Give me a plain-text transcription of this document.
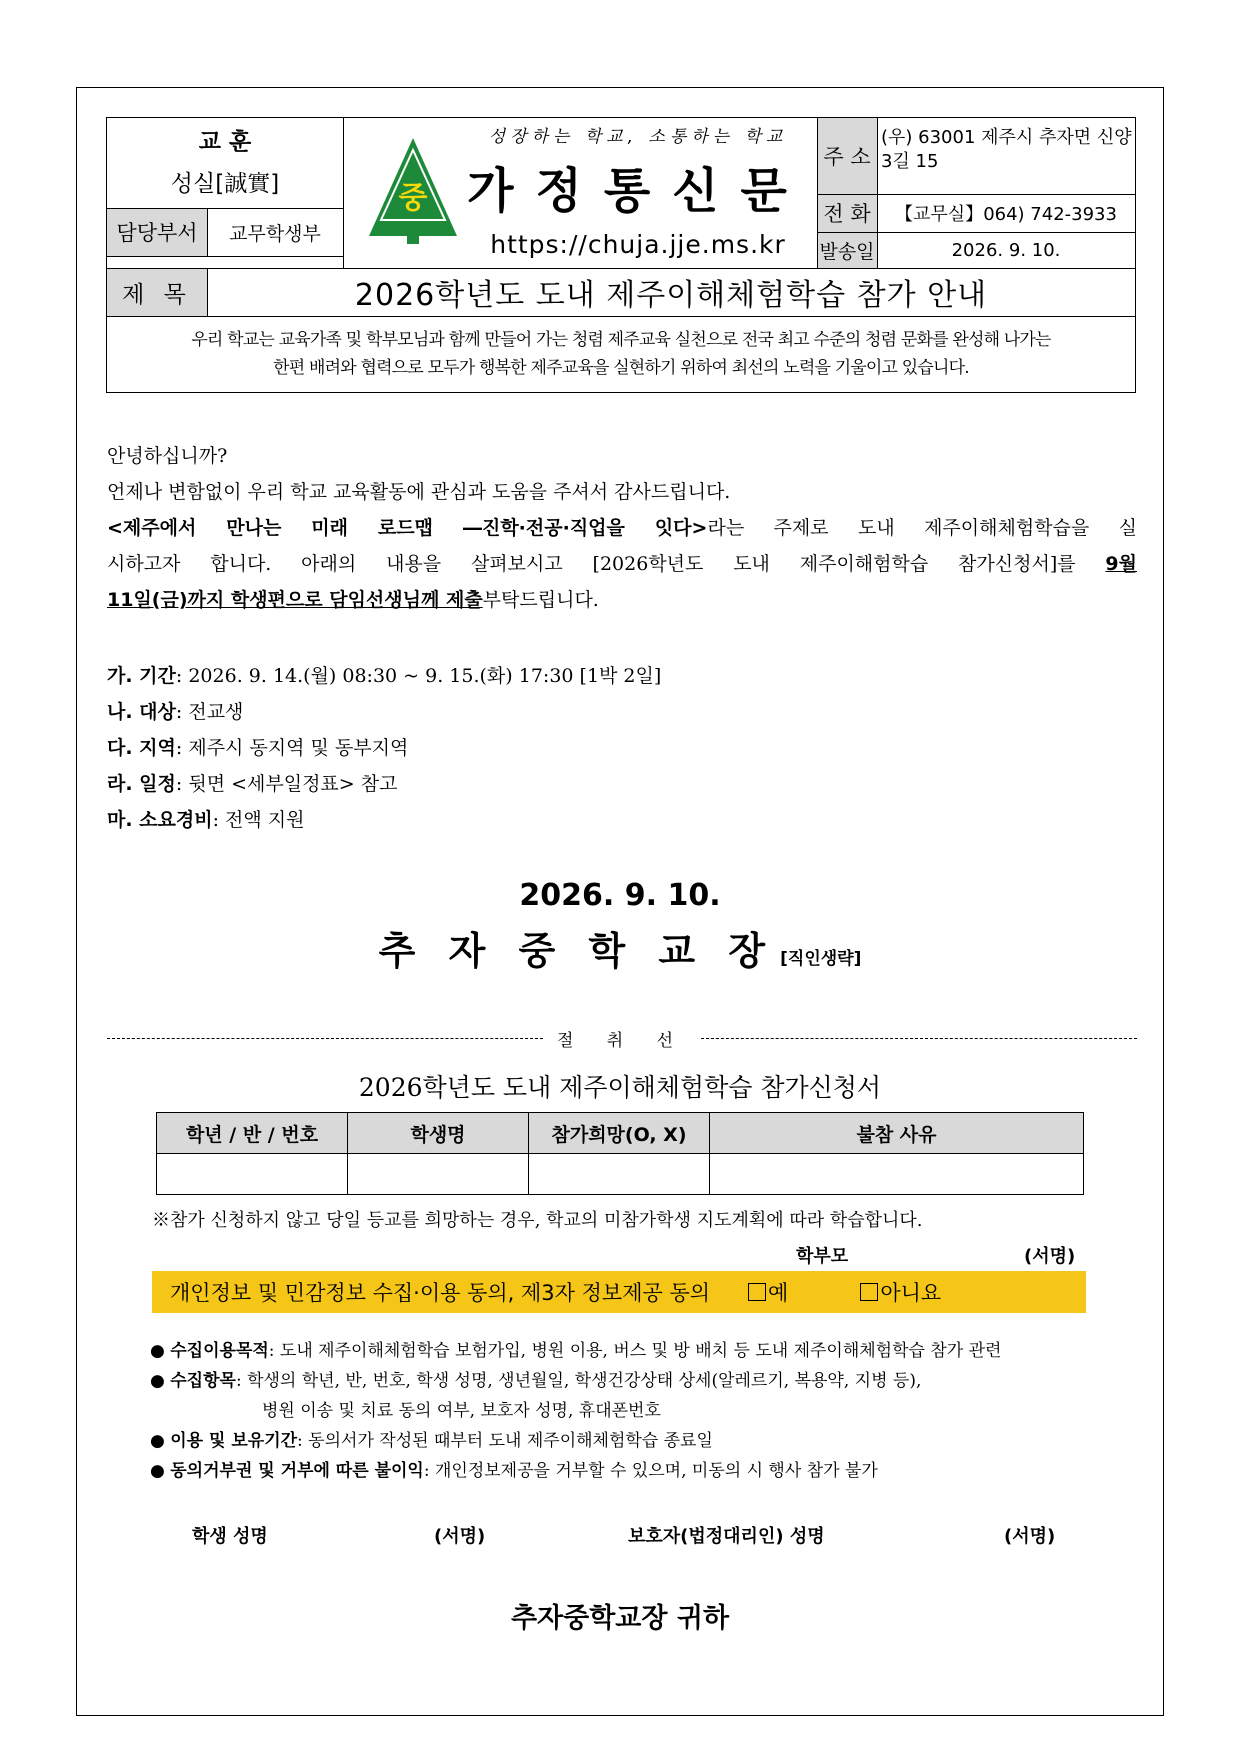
교 훈
성실[誠實]
담당부서	교무학생부
중
성장하는 학교, 소통하는 학교
가정통신문
https://chuja.jje.ms.kr
주 소
(우) 63001 제주시 추자면 신양 3길 15
전 화	【교무실】064) 742-3933
발송일	2026. 9. 10.
제 목	2026학년도 도내 제주이해체험학습 참가 안내
우리 학교는 교육가족 및 학부모님과 함께 만들어 가는 청렴 제주교육 실천으로 전국 최고 수준의 청렴 문화를 완성해 나가는
한편 배려와 협력으로 모두가 행복한 제주교육을 실현하기 위하여 최선의 노력을 기울이고 있습니다.
안녕하십니까?
언제나 변함없이 우리 학교 교육활동에 관심과 도움을 주셔서 감사드립니다.
<제주에서 만나는 미래 로드맵 ―진학·전공·직업을 잇다>라는 주제로 도내 제주이해체험학습을 실
시하고자 합니다. 아래의 내용을 살펴보시고 [2026학년도 도내 제주이해험학습 참가신청서]를 9월
11일(금)까지 학생편으로 담임선생님께 제출부탁드립니다.
가. 기간: 2026. 9. 14.(월) 08:30 ~ 9. 15.(화) 17:30 [1박 2일]
나. 대상: 전교생
다. 지역: 제주시 동지역 및 동부지역
라. 일정: 뒷면 <세부일정표> 참고
마. 소요경비: 전액 지원
2026. 9. 10.
추 자 중 학 교 장 [직인생략]
절 취 선
2026학년도 도내 제주이해체험학습 참가신청서
학년 / 반 / 번호	학생명	참가희망(O, X)	불참 사유

※참가 신청하지 않고 당일 등교를 희망하는 경우, 학교의 미참가학생 지도계획에 따라 학습합니다.
학부모	(서명)
개인정보 및 민감정보 수집·이용 동의, 제3자 정보제공 동의	예	아니요
● 수집이용목적: 도내 제주이해체험학습 보험가입, 병원 이용, 버스 및 방 배치 등 도내 제주이해체험학습 참가 관련
● 수집항목: 학생의 학년, 반, 번호, 학생 성명, 생년월일, 학생건강상태 상세(알레르기, 복용약, 지병 등),
병원 이송 및 치료 동의 여부, 보호자 성명, 휴대폰번호
● 이용 및 보유기간: 동의서가 작성된 때부터 도내 제주이해체험학습 종료일
● 동의거부권 및 거부에 따른 불이익: 개인정보제공을 거부할 수 있으며, 미동의 시 행사 참가 불가
학생 성명	(서명)	보호자(법정대리인) 성명	(서명)
추자중학교장 귀하
